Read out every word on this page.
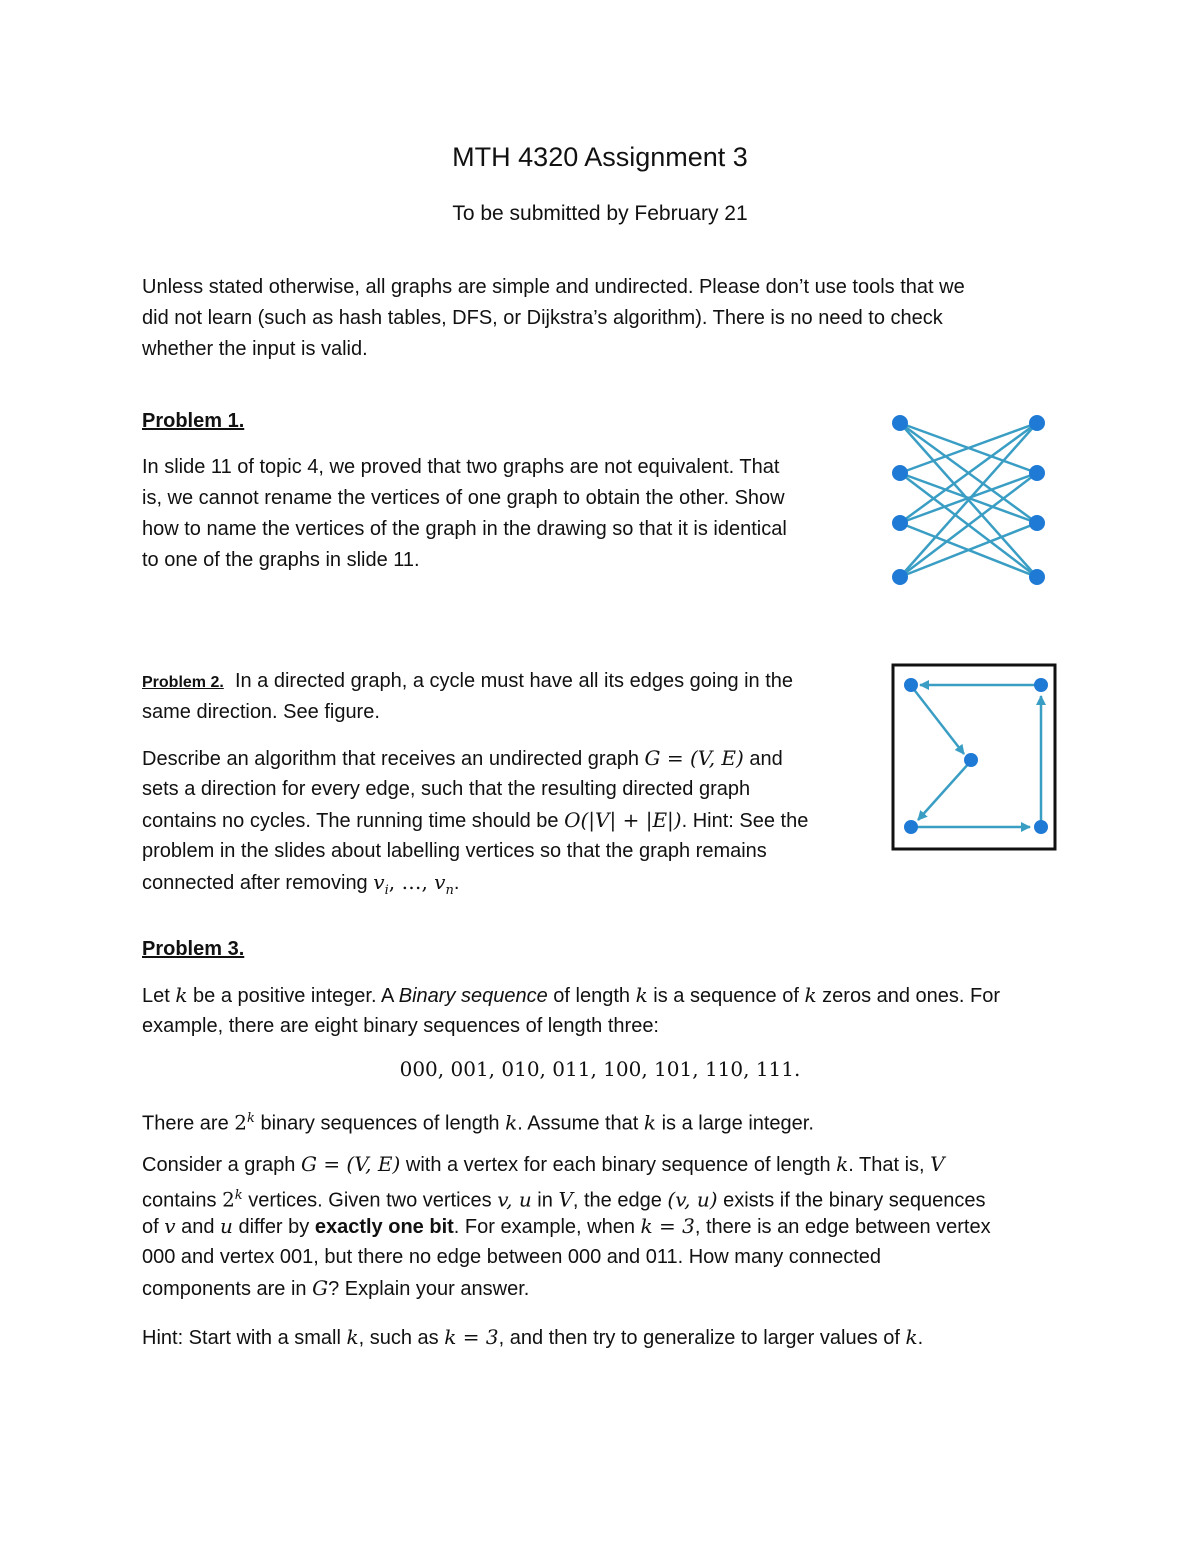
MTH 4320 Assignment 3
To be submitted by February 21

Unless stated otherwise, all graphs are simple and undirected. Please don’t use tools that we

did not learn (such as hash tables, DFS, or Dijkstra’s algorithm). There is no need to check

whether the input is valid.

Problem 1.

In slide 11 of topic 4, we proved that two graphs are not equivalent. That

is, we cannot rename the vertices of one graph to obtain the other. Show

how to name the vertices of the graph in the drawing so that it is identical

to one of the graphs in slide 11.

Problem 2. In a directed graph, a cycle must have all its edges going in the

same direction. See figure.

Describe an algorithm that receives an undirected graph G = (V, E) and

sets a direction for every edge, such that the resulting directed graph

contains no cycles. The running time should be O(|V| + |E|). Hint: See the

problem in the slides about labelling vertices so that the graph remains

connected after removing $v_i$, …, $v_n$.

Problem 3.

Let k be a positive integer. A Binary sequence of length k is a sequence of k zeros and ones. For

example, there are eight binary sequences of length three:

000, 001, 010, 011, 100, 101, 110, 111.

There are 2$^k$ binary sequences of length k. Assume that k is a large integer.

Consider a graph G = (V, E) with a vertex for each binary sequence of length k. That is, V

contains 2$^k$ vertices. Given two vertices v, u in V, the edge (v, u) exists if the binary sequences

of v and u differ by exactly one bit. For example, when k = 3, there is an edge between vertex

000 and vertex 001, but there no edge between 000 and 011. How many connected

components are in G? Explain your answer.

Hint: Start with a small k, such as k = 3, and then try to generalize to larger values of k.
